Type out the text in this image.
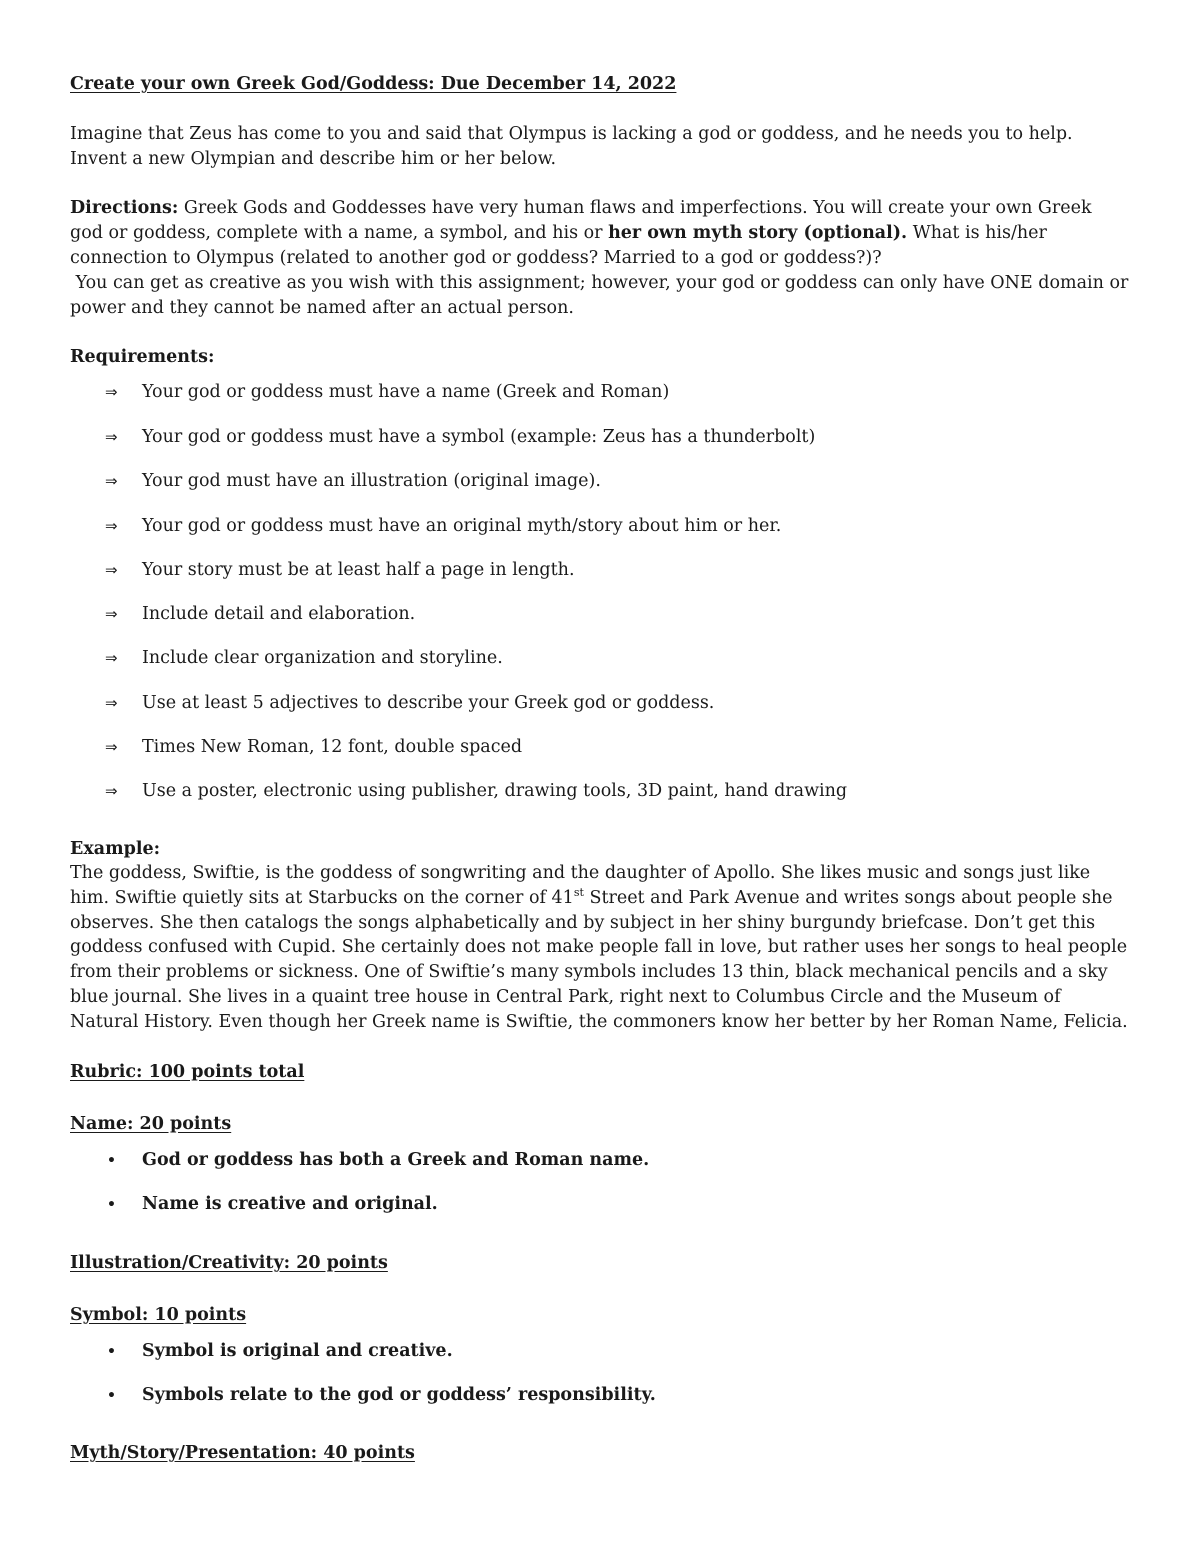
Create your own Greek God/Goddess: Due December 14, 2022

Imagine that Zeus has come to you and said that Olympus is lacking a god or goddess, and he needs you to help. Invent a new Olympian and describe him or her below.

Directions: Greek Gods and Goddesses have very human flaws and imperfections. You will create your own Greek god or goddess, complete with a name, a symbol, and his or her own myth story (optional). What is his/her connection to Olympus (related to another god or goddess? Married to a god or goddess?)?

You can get as creative as you wish with this assignment; however, your god or goddess can only have ONE domain or power and they cannot be named after an actual person.

Requirements:
⇒ Your god or goddess must have a name (Greek and Roman)
⇒ Your god or goddess must have a symbol (example: Zeus has a thunderbolt)
⇒ Your god must have an illustration (original image).
⇒ Your god or goddess must have an original myth/story about him or her.
⇒ Your story must be at least half a page in length.
⇒ Include detail and elaboration.
⇒ Include clear organization and storyline.
⇒ Use at least 5 adjectives to describe your Greek god or goddess.
⇒ Times New Roman, 12 font, double spaced
⇒ Use a poster, electronic using publisher, drawing tools, 3D paint, hand drawing
Example:

The goddess, Swiftie, is the goddess of songwriting and the daughter of Apollo. She likes music and songs just like him. Swiftie quietly sits at Starbucks on the corner of 41st Street and Park Avenue and writes songs about people she observes. She then catalogs the songs alphabetically and by subject in her shiny burgundy briefcase. Don’t get this goddess confused with Cupid. She certainly does not make people fall in love, but rather uses her songs to heal people from their problems or sickness. One of Swiftie’s many symbols includes 13 thin, black mechanical pencils and a sky blue journal. She lives in a quaint tree house in Central Park, right next to Columbus Circle and the Museum of Natural History. Even though her Greek name is Swiftie, the commoners know her better by her Roman Name, Felicia.

Rubric: 100 points total
Name: 20 points
• God or goddess has both a Greek and Roman name.
• Name is creative and original.
Illustration/Creativity: 20 points
Symbol: 10 points
• Symbol is original and creative.
• Symbols relate to the god or goddess’ responsibility.
Myth/Story/Presentation: 40 points
